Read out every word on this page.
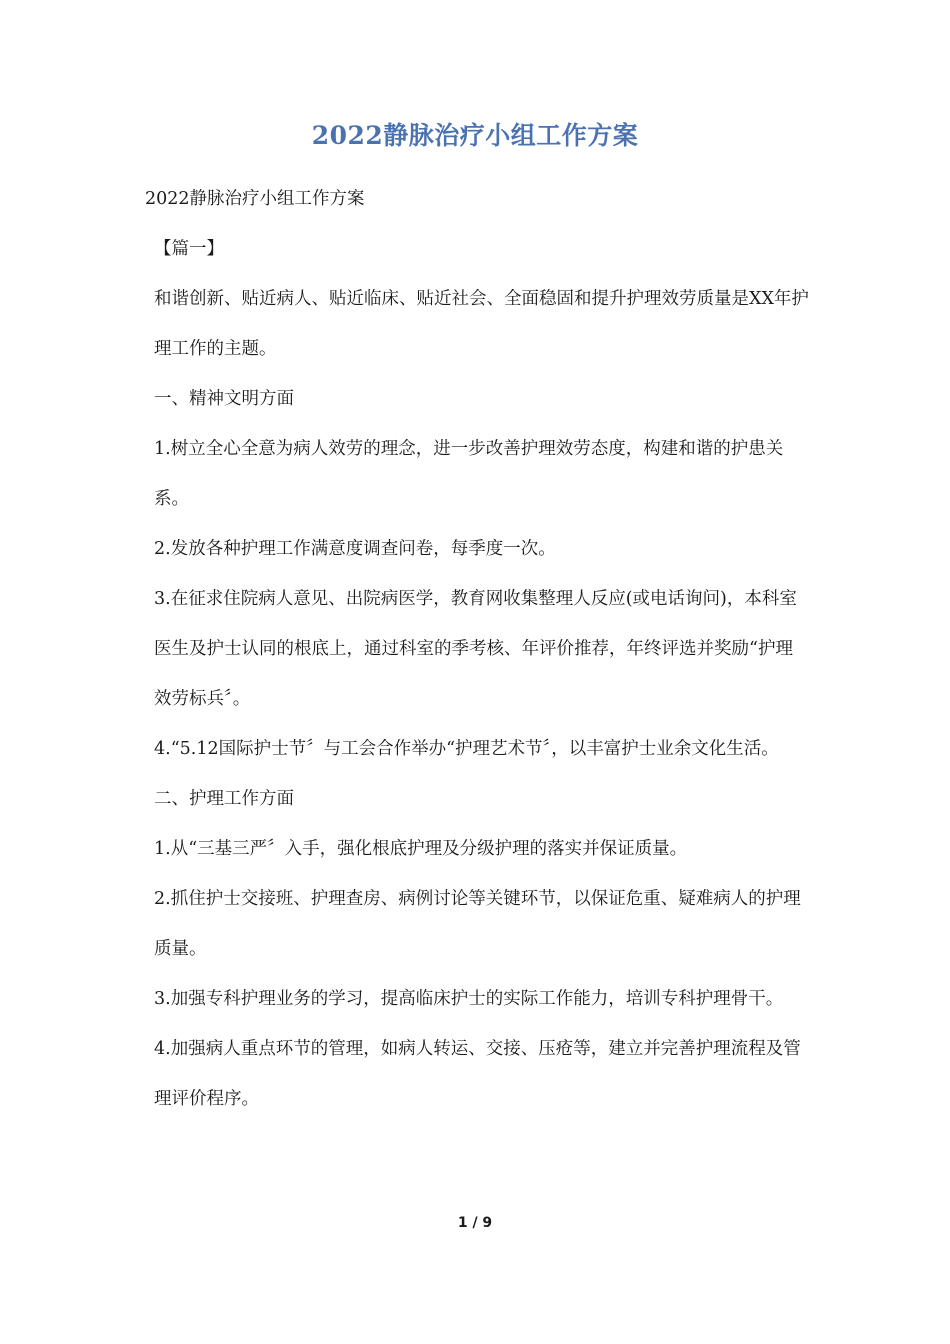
2022静脉治疗小组工作方案

2022静脉治疗小组工作方案

【篇一】

和谐创新、贴近病人、贴近临床、贴近社会、全面稳固和提升护理效劳质量是XX年护理工作的主题。

一、精神文明方面

1.树立全心全意为病人效劳的理念，进一步改善护理效劳态度，构建和谐的护患关系。

2.发放各种护理工作满意度调查问卷，每季度一次。

3.在征求住院病人意见、出院病医学，教育网收集整理人反应(或电话询问)，本科室医生及护士认同的根底上，通过科室的季考核、年评价推荐，年终评选并奖励“护理效劳标兵〞。

4.“5.12国际护士节〞与工会合作举办“护理艺术节〞，以丰富护士业余文化生活。

二、护理工作方面

1.从“三基三严〞入手，强化根底护理及分级护理的落实并保证质量。

2.抓住护士交接班、护理查房、病例讨论等关键环节，以保证危重、疑难病人的护理质量。

3.加强专科护理业务的学习，提高临床护士的实际工作能力，培训专科护理骨干。

4.加强病人重点环节的管理，如病人转运、交接、压疮等，建立并完善护理流程及管理评价程序。

1 / 9
